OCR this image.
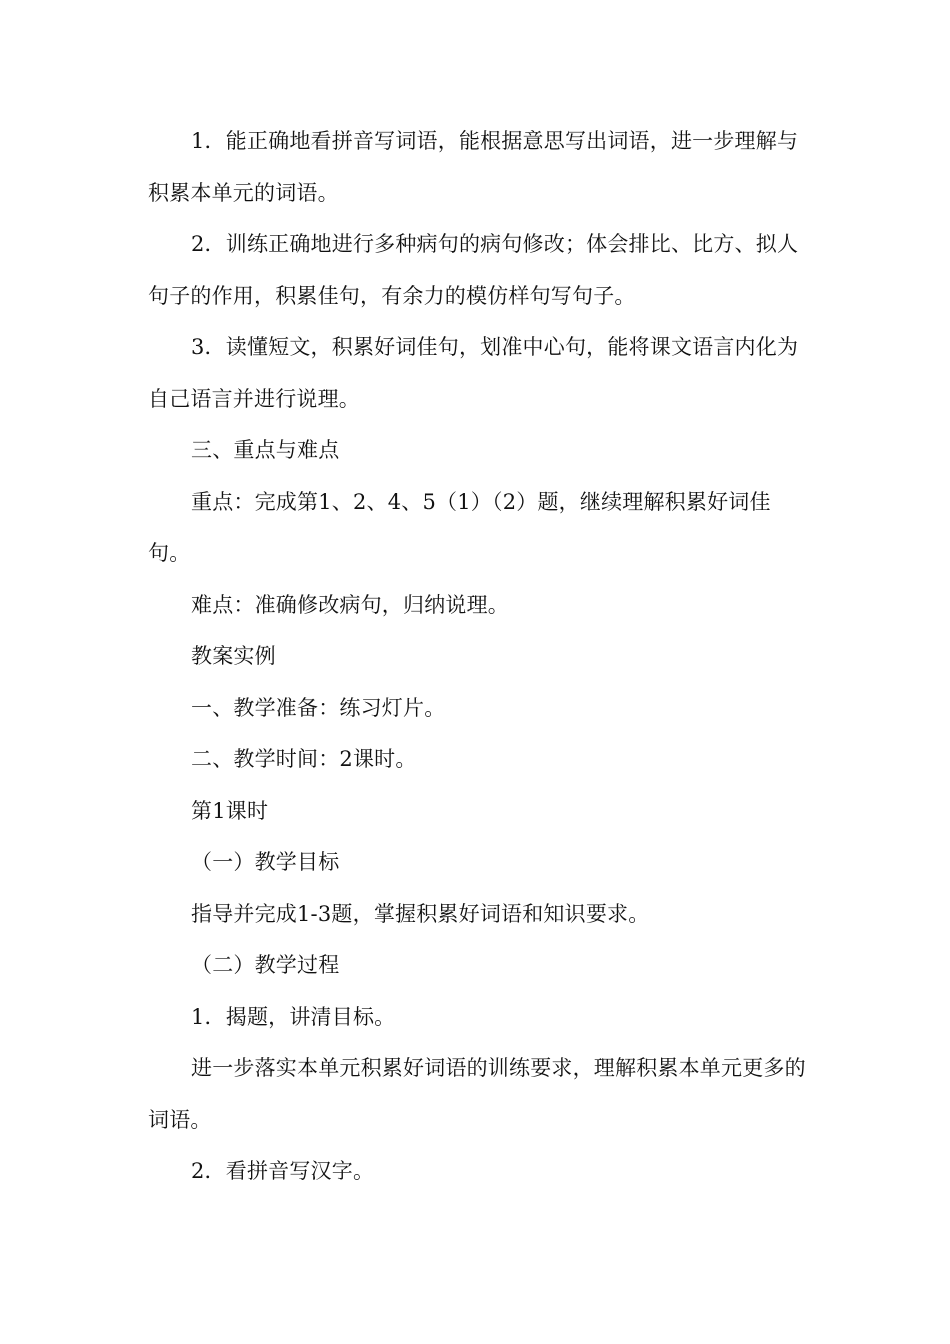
1．能正确地看拼音写词语，能根据意思写出词语，进一步理解与积累本单元的词语。

2．训练正确地进行多种病句的病句修改；体会排比、比方、拟人句子的作用，积累佳句，有余力的模仿样句写句子。

3．读懂短文，积累好词佳句，划准中心句，能将课文语言内化为自己语言并进行说理。

三、重点与难点

重点：完成第1、2、4、5（1）（2）题，继续理解积累好词佳句。

难点：准确修改病句，归纳说理。

教案实例

一、教学准备：练习灯片。

二、教学时间：2课时。

第1课时

（一）教学目标

指导并完成1-3题，掌握积累好词语和知识要求。

（二）教学过程

1．揭题，讲清目标。

进一步落实本单元积累好词语的训练要求，理解积累本单元更多的词语。

2．看拼音写汉字。
